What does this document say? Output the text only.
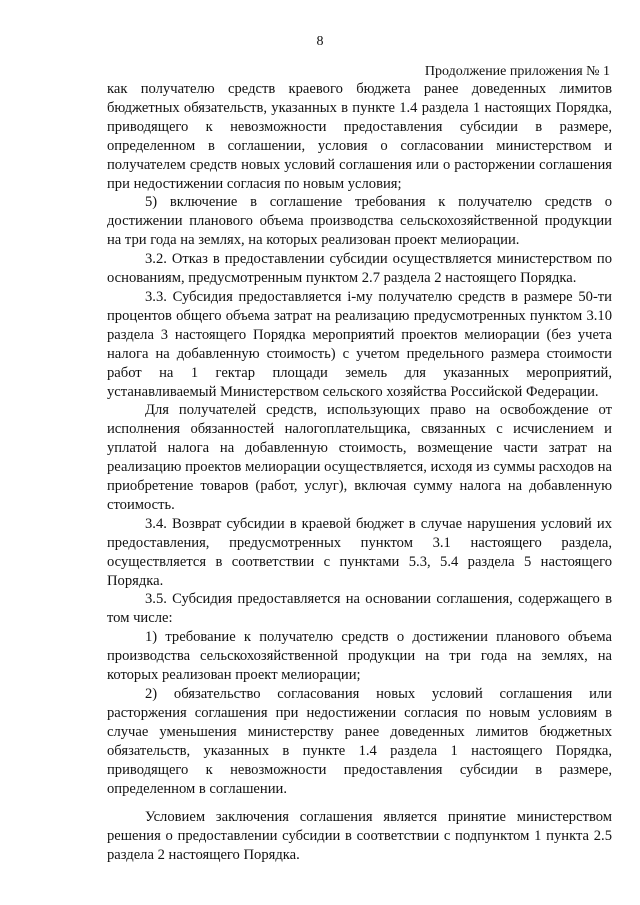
8
Продолжение приложения № 1

как получателю средств краевого бюджета ранее доведенных лимитов бюджетных обязательств, указанных в пункте 1.4 раздела 1 настоящих Порядка, приводящего к невозможности предоставления субсидии в размере, определенном в соглашении, условия о согласовании министерством и получателем средств новых условий соглашения или о расторжении соглашения при недостижении согласия по новым условия;

5) включение в соглашение требования к получателю средств о достижении планового объема производства сельскохозяйственной продукции на три года на землях, на которых реализован проект мелиорации.

3.2. Отказ в предоставлении субсидии осуществляется министерством по основаниям, предусмотренным пунктом 2.7 раздела 2 настоящего Порядка.

3.3. Субсидия предоставляется i-му получателю средств в размере 50-ти процентов общего объема затрат на реализацию предусмотренных пунктом 3.10 раздела 3 настоящего Порядка мероприятий проектов мелиорации (без учета налога на добавленную стоимость) с учетом предельного размера стоимости работ на 1 гектар площади земель для указанных мероприятий, устанавливаемый Министерством сельского хозяйства Российской Федерации.

Для получателей средств, использующих право на освобождение от исполнения обязанностей налогоплательщика, связанных с исчислением и уплатой налога на добавленную стоимость, возмещение части затрат на реализацию проектов мелиорации осуществляется, исходя из суммы расходов на приобретение товаров (работ, услуг), включая сумму налога на добавленную стоимость.

3.4. Возврат субсидии в краевой бюджет в случае нарушения условий их предоставления, предусмотренных пунктом 3.1 настоящего раздела, осуществляется в соответствии с пунктами 5.3, 5.4 раздела 5 настоящего Порядка.

3.5. Субсидия предоставляется на основании соглашения, содержащего в том числе:

1) требование к получателю средств о достижении планового объема производства сельскохозяйственной продукции на три года на землях, на которых реализован проект мелиорации;

2) обязательство согласования новых условий соглашения или расторжения соглашения при недостижении согласия по новым условиям в случае уменьшения министерству ранее доведенных лимитов бюджетных обязательств, указанных в пункте 1.4 раздела 1 настоящего Порядка, приводящего к невозможности предоставления субсидии в размере, определенном в соглашении.

Условием заключения соглашения является принятие министерством решения о предоставлении субсидии в соответствии с подпунктом 1 пункта 2.5 раздела 2 настоящего Порядка.
